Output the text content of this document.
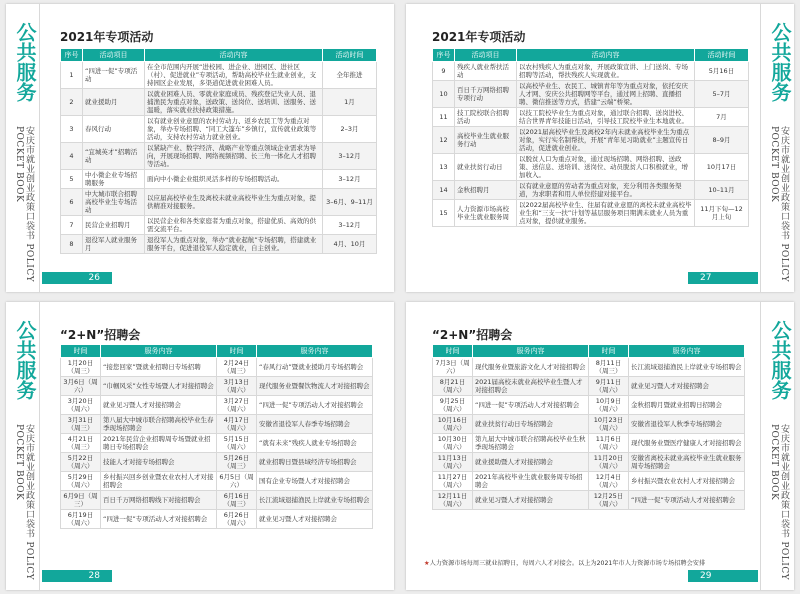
公共服务
安庆市就业创业政策口袋书 POLICY POCKET BOOK
2021年专项活动
序号	活动项目	活动内容	活动时间
1	“四进一促”专项活动	在全市范围内开展“进校园、进企业、进园区、进社区（村）、促进就业”专项活动，帮助高校毕业生就业创业，支持园区企业发展，多渠道促进就业困难人员。	全年推进
2	就业援助月	以就业困难人员、零就业家庭成员、残疾登记失业人员、退捕渔民为重点对象，送政策、送岗位、送培训、送服务、送温暖，落实就业扶持政策措施。	1月
3	春风行动	以有就业创业意愿的农村劳动力、返乡农民工等为重点对象，举办专场招聘、“同工大篷车”乡镇行，宣传就业政策等活动，支持农村劳动力就业创业。	2–3月
4	“宜城英才”招聘活动	以紧缺产业、数字经济、战略产业等重点领域企业需求为导向，开展现场招聘、网络视频招聘、长三角一体化人才招聘等活动。	3–12月
5	中小微企业专场招聘服务	面向中小微企业组织灵活多样的专场招聘活动。	3–12月
6	中大城市联合招聘高校毕业生专场活动	以应届高校毕业生及离校未就业高校毕业生为重点对象，提供精准对接服务。	3–6月、9–11月
7	民营企业招聘月	以民营企业和各类家庭者为重点对象，搭建优质、高效的供需交流平台。	3–12月
8	退役军人就业服务月	退役军人为重点对象，举办“就业起航”专场招聘，搭建就业服务平台，促进退役军人稳定就业，自主创业。	4月、10月
26
公共服务
安庆市就业创业政策口袋书 POLICY POCKET BOOK
2021年专项活动
序号	活动项目	活动内容	活动时间
9	残疾人就业帮扶活动	以农村残疾人为重点对象，开展政策宣讲、上门送岗、专场招聘等活动，帮扶残疾人实现就业。	5月16日
10	百日千万网络招聘专项行动	以高校毕业生、农民工、城镇青年等为重点对象，依托安庆人才网、安庆公共招聘网等平台，通过网上招聘、直播招聘、微信推送等方式，搭建“云端”桥梁。	5–7月
11	技工院校联合招聘活动	以技工院校毕业生为重点对象，通过联合招聘、送岗进校、结合世界青年技能日活动，引导技工院校毕业生本地就业。	7月
12	高校毕业生就业服务行动	以2021届高校毕业生及离校2年内未就业高校毕业生为重点对象，实行实名制帮扶，开展“青年见习助就业”主题宣传日活动，促进就业创业。	8–9月
13	就业扶贫行动日	以脱贫人口为重点对象，通过现场招聘、网络招聘、送政策、送信息、送培训、送岗位、动员脱贫人口积极就业，增加收入。	10月17日
14	金秋招聘月	以有就业意愿的劳动者为重点对象，充分利用各类服务渠道，为求职者和用人单位搭建对接平台。	10–11月
15	人力资源市场高校毕业生就业服务周	以2022届高校毕业生、往届有就业意愿的离校未就业高校毕业生和“三支一扶”计划等基层服务项目期满未就业人员为重点对象，提供就业服务。	11月下旬—12月上旬
27
公共服务
安庆市就业创业政策口袋书 POLICY POCKET BOOK
“2+N”招聘会
时间	服务内容	时间	服务内容
1月20日（周三）	“接您回家”暨就业招聘日专场招聘	2月24日（周三）	“春风行动”暨就业援助月专场招聘会
3月6日（周六）	“巾帼风采”女性专场暨人才对接招聘会	3月13日（周六）	现代服务业暨餐饮物流人才对接招聘会
3月20日（周六）	就业见习暨人才对接招聘会	3月27日（周六）	“四进一促”专项活动人才对接招聘会
3月31日（周三）	第八届大中城市联合招聘高校毕业生春季现场招聘会	4月17日（周六）	安徽省退役军人春季专场招聘会
4月21日（周三）	2021年民营企业招聘周专场暨就业招聘日专场招聘会	5月15日（周六）	“就有未来”残疾人就业专场招聘会
5月22日（周六）	技能人才对接专场招聘会	5月26日（周三）	就业招聘日暨县域经济专场招聘会
5月29日（周六）	乡村振兴回乡创业暨农业农村人才对接招聘会	6月5日（周六）	国有企业专场暨人才对接招聘会
6月9日（周三）	百日千万网络招聘线下对接招聘会	6月16日（周三）	长江流域退捕渔民上岸就业专场招聘会
6月19日（周六）	“四进一促”专项活动人才对接招聘会	6月26日（周六）	就业见习暨人才对接招聘会
28
公共服务
安庆市就业创业政策口袋书 POLICY POCKET BOOK
“2+N”招聘会
时间	服务内容	时间	服务内容
7月3日（周六）	现代服务业暨旅游文化人才对接招聘会	8月11日（周三）	长江流域退捕渔民上岸就业专场招聘会
8月21日（周六）	2021届高校未就业高校毕业生暨人才对接招聘会	9月11日（周六）	就业见习暨人才对接招聘会
9月25日（周六）	“四进一促”专项活动人才对接招聘会	10月9日（周六）	金秋招聘月暨就业招聘日招聘会
10月16日（周六）	就业扶贫行动日专场招聘会	10月23日（周六）	安徽省退役军人秋季专场招聘会
10月30日（周六）	第九届大中城市联合招聘高校毕业生秋季现场招聘会	11月6日（周六）	现代服务业暨医疗健康人才对接招聘会
11月13日（周六）	就业援助暨人才对接招聘会	11月20日（周六）	安徽省离校未就业高校毕业生就业服务周专场招聘会
11月27日（周六）	2021年高校毕业生就业服务周专场招聘会	12月4日（周六）	乡村振兴暨农业农村人才对接招聘会
12月11日（周六）	就业见习暨人才对接招聘会	12月25日（周六）	“四进一促”专项活动人才对接招聘会
★人力资源市场每周三就业招聘日，每周六人才对接会。以上为2021年市人力资源市场专场招聘会安排
29
